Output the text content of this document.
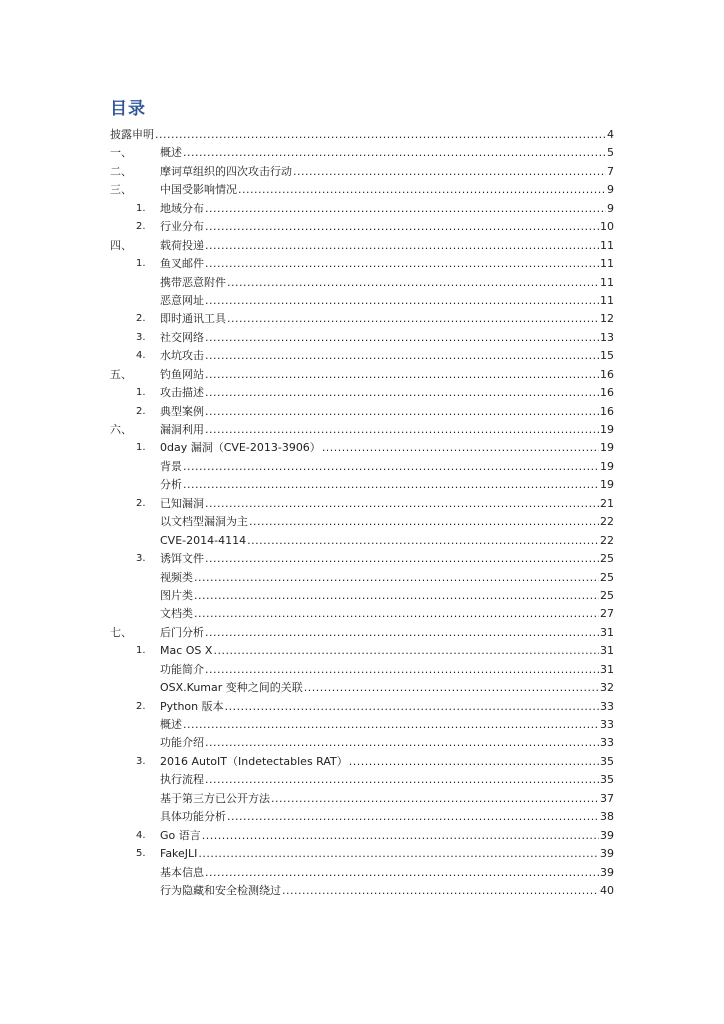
目录
披露申明 .....	4
一、	概述 .....	5
二、	摩诃草组织的四次攻击行动 .....	7
三、	中国受影响情况 .....	9
1. 地域分布 .....	9
2. 行业分布 .....	10
四、	载荷投递 .....	11
1. 鱼叉邮件 .....	11
携带恶意附件 .....	11
恶意网址 .....	11
2. 即时通讯工具 .....	12
3. 社交网络 .....	13
4. 水坑攻击 .....	15
五、	钓鱼网站 .....	16
1. 攻击描述 .....	16
2. 典型案例 .....	16
六、	漏洞利用 .....	19
1. 0day 漏洞（CVE-2013-3906） .....	19
背景 .....	19
分析 .....	19
2. 已知漏洞 .....	21
以文档型漏洞为主 .....	22
CVE-2014-4114 .....	22
3. 诱饵文件 .....	25
视频类 .....	25
图片类 .....	25
文档类 .....	27
七、	后门分析 .....	31
1. Mac OS X .....	31
功能简介 .....	31
OSX.Kumar 变种之间的关联 .....	32
2. Python 版本 .....	33
概述 .....	33
功能介绍 .....	33
3. 2016 AutoIT（Indetectables RAT） .....	35
执行流程 .....	35
基于第三方已公开方法 .....	37
具体功能分析 .....	38
4. Go 语言 .....	39
5. FakeJLI .....	39
基本信息 .....	39
行为隐藏和安全检测绕过 .....	40
